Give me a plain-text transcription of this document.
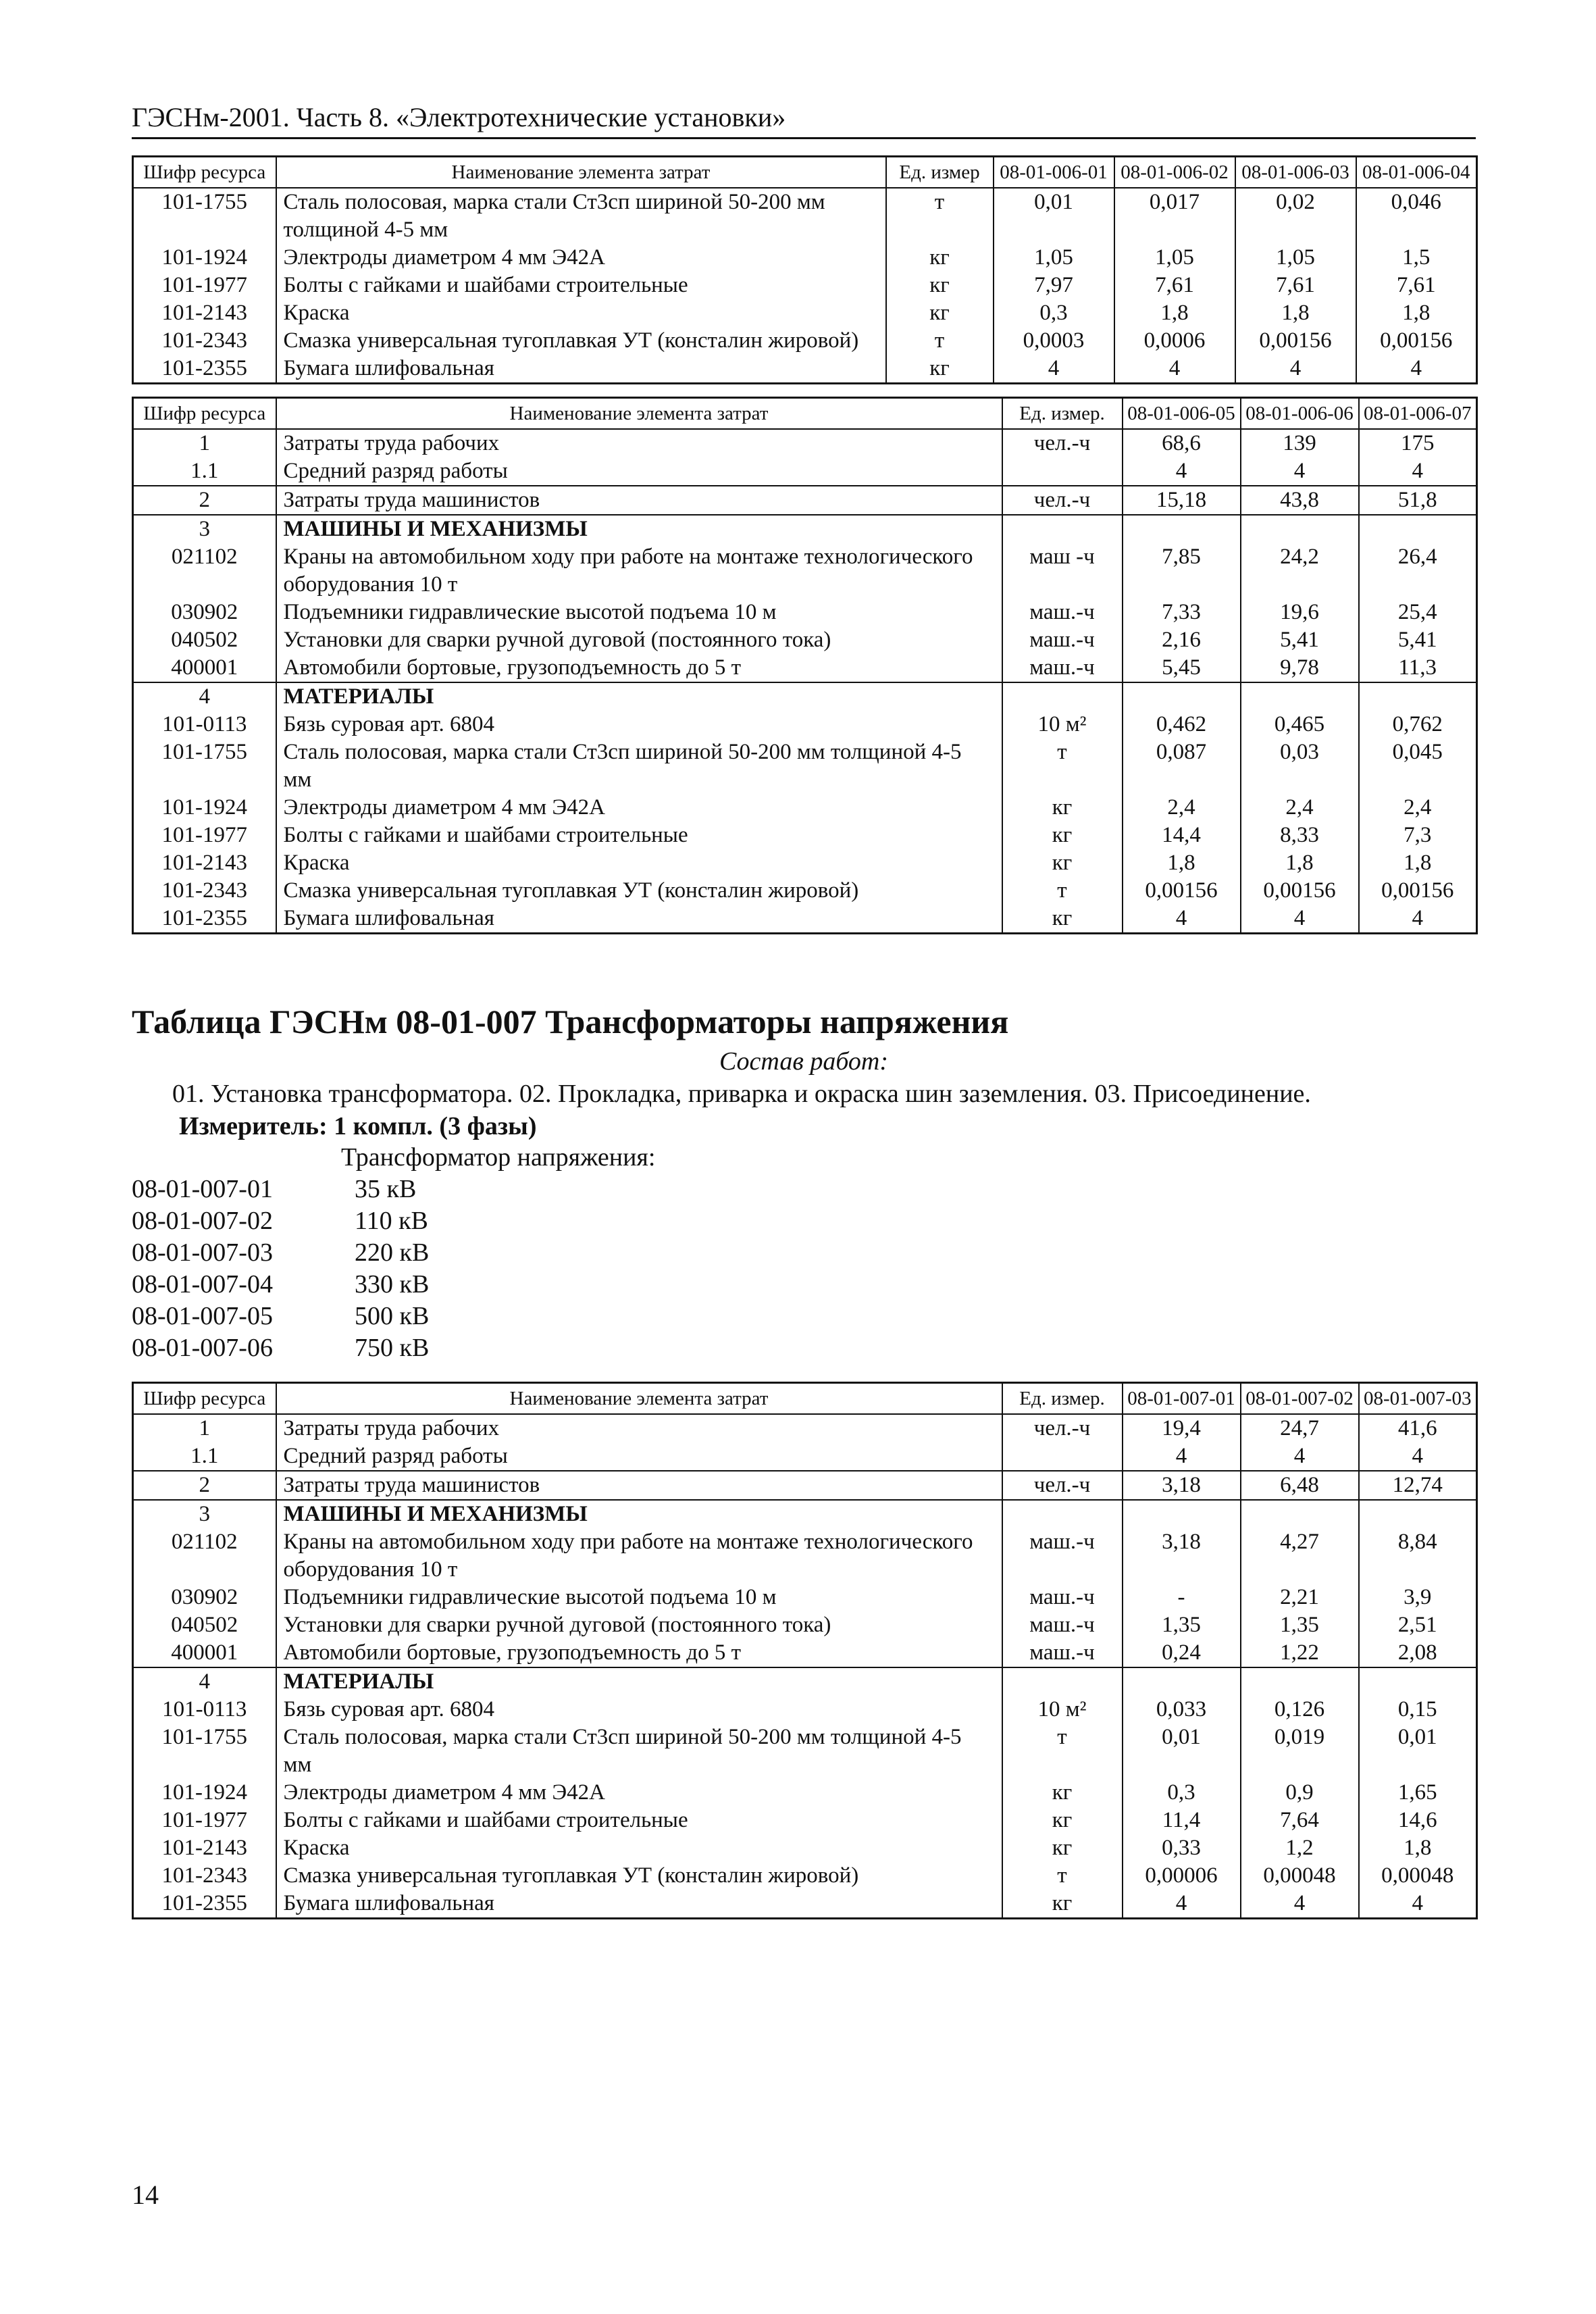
ГЭСНм-2001. Часть 8. «Электротехнические установки»
Шифр ресурса	Наименование элемента затрат	Ед. измер	08-01-006-01	08-01-006-02	08-01-006-03	08-01-006-04
101-1755	Сталь полосовая, марка стали Ст3сп шириной 50-200 мм толщиной 4-5 мм	т	0,01	0,017	0,02	0,046
101-1924	Электроды диаметром 4 мм Э42А	кг	1,05	1,05	1,05	1,5
101-1977	Болты с гайками и шайбами строительные	кг	7,97	7,61	7,61	7,61
101-2143	Краска	кг	0,3	1,8	1,8	1,8
101-2343	Смазка универсальная тугоплавкая УТ (консталин жировой)	т	0,0003	0,0006	0,00156	0,00156
101-2355	Бумага шлифовальная	кг	4	4	4	4
Шифр ресурса	Наименование элемента затрат	Ед. измер.	08-01-006-05	08-01-006-06	08-01-006-07
1	Затраты труда рабочих	чел.-ч	68,6	139	175
1.1	Средний разряд работы		4	4	4
2	Затраты труда машинистов	чел.-ч	15,18	43,8	51,8
3	МАШИНЫ И МЕХАНИЗМЫ				
021102	Краны на автомобильном ходу при работе на монтаже технологического оборудования 10 т	маш -ч	7,85	24,2	26,4
030902	Подъемники гидравлические высотой подъема 10 м	маш.-ч	7,33	19,6	25,4
040502	Установки для сварки ручной дуговой (постоянного тока)	маш.-ч	2,16	5,41	5,41
400001	Автомобили бортовые, грузоподъемность до 5 т	маш.-ч	5,45	9,78	11,3
4	МАТЕРИАЛЫ				
101-0113	Бязь суровая арт. 6804	10 м²	0,462	0,465	0,762
101-1755	Сталь полосовая, марка стали Ст3сп шириной 50-200 мм толщиной 4-5 мм	т	0,087	0,03	0,045
101-1924	Электроды диаметром 4 мм Э42А	кг	2,4	2,4	2,4
101-1977	Болты с гайками и шайбами строительные	кг	14,4	8,33	7,3
101-2143	Краска	кг	1,8	1,8	1,8
101-2343	Смазка универсальная тугоплавкая УТ (консталин жировой)	т	0,00156	0,00156	0,00156
101-2355	Бумага шлифовальная	кг	4	4	4
Таблица ГЭСНм 08-01-007 Трансформаторы напряжения
Состав работ:
01. Установка трансформатора. 02. Прокладка, приварка и окраска шин заземления. 03. Присоединение.
Измеритель: 1 компл. (3 фазы)
Трансформатор напряжения:
08-01-007-01	35 кВ
08-01-007-02	110 кВ
08-01-007-03	220 кВ
08-01-007-04	330 кВ
08-01-007-05	500 кВ
08-01-007-06	750 кВ
Шифр ресурса	Наименование элемента затрат	Ед. измер.	08-01-007-01	08-01-007-02	08-01-007-03
1	Затраты труда рабочих	чел.-ч	19,4	24,7	41,6
1.1	Средний разряд работы		4	4	4
2	Затраты труда машинистов	чел.-ч	3,18	6,48	12,74
3	МАШИНЫ И МЕХАНИЗМЫ				
021102	Краны на автомобильном ходу при работе на монтаже технологического оборудования 10 т	маш.-ч	3,18	4,27	8,84
030902	Подъемники гидравлические высотой подъема 10 м	маш.-ч	-	2,21	3,9
040502	Установки для сварки ручной дуговой (постоянного тока)	маш.-ч	1,35	1,35	2,51
400001	Автомобили бортовые, грузоподъемность до 5 т	маш.-ч	0,24	1,22	2,08
4	МАТЕРИАЛЫ				
101-0113	Бязь суровая арт. 6804	10 м²	0,033	0,126	0,15
101-1755	Сталь полосовая, марка стали Ст3сп шириной 50-200 мм толщиной 4-5 мм	т	0,01	0,019	0,01
101-1924	Электроды диаметром 4 мм Э42А	кг	0,3	0,9	1,65
101-1977	Болты с гайками и шайбами строительные	кг	11,4	7,64	14,6
101-2143	Краска	кг	0,33	1,2	1,8
101-2343	Смазка универсальная тугоплавкая УТ (консталин жировой)	т	0,00006	0,00048	0,00048
101-2355	Бумага шлифовальная	кг	4	4	4
14
